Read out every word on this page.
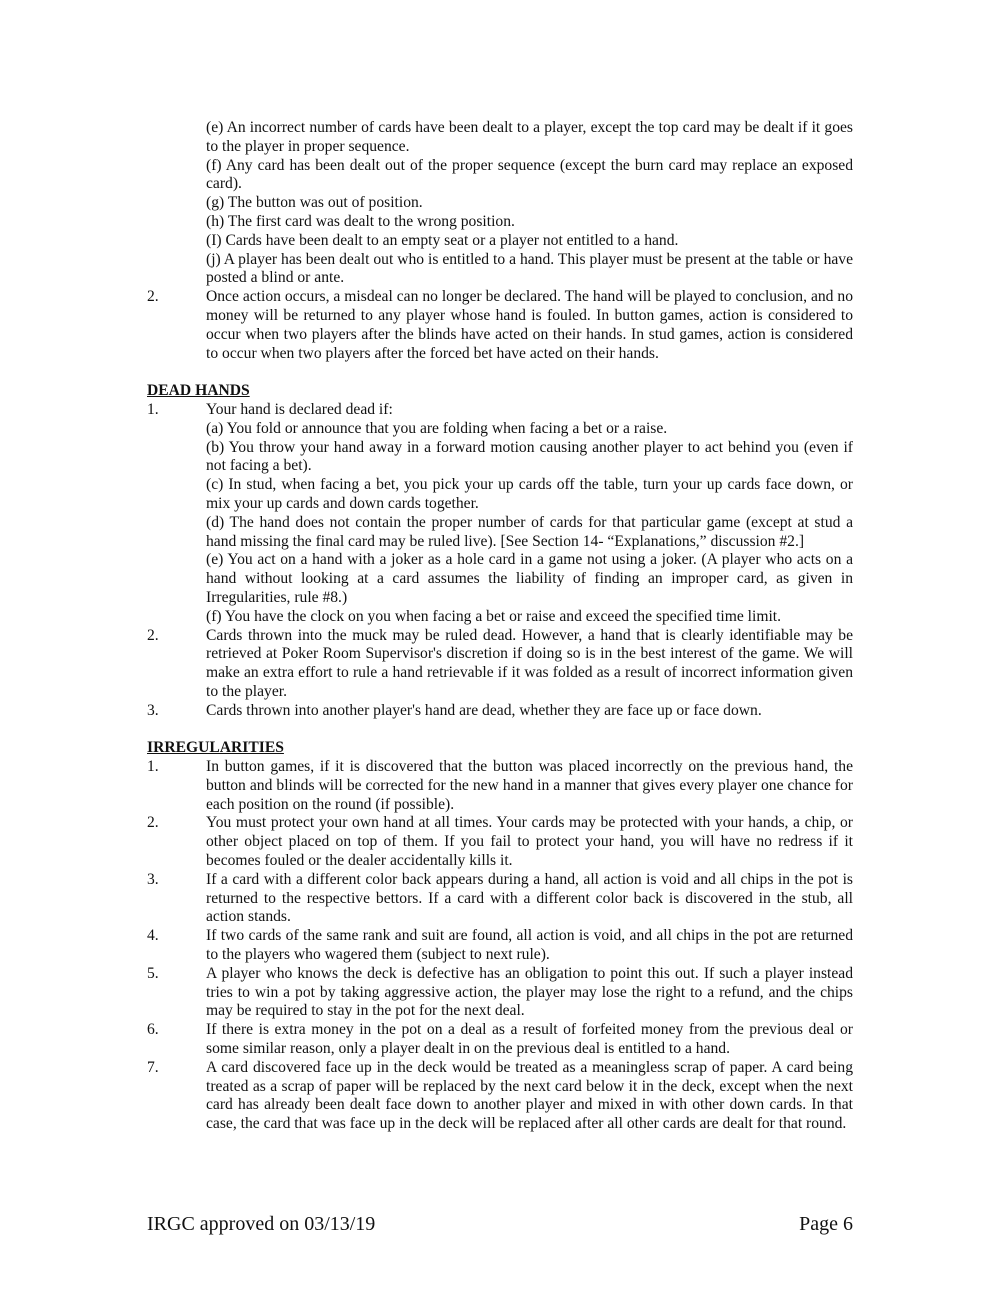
(e) An incorrect number of cards have been dealt to a player, except the top card may be dealt if it goes to the player in proper sequence.

(f) Any card has been dealt out of the proper sequence (except the burn card may replace an exposed card).

(g) The button was out of position.

(h) The first card was dealt to the wrong position.

(I) Cards have been dealt to an empty seat or a player not entitled to a hand.

(j) A player has been dealt out who is entitled to a hand. This player must be present at the table or have posted a blind or ante.

2.	Once action occurs, a misdeal can no longer be declared. The hand will be played to conclusion, and no money will be returned to any player whose hand is fouled. In button games, action is considered to occur when two players after the blinds have acted on their hands. In stud games, action is considered to occur when two players after the forced bet have acted on their hands.

DEAD HANDS
1.	Your hand is declared dead if:

(a) You fold or announce that you are folding when facing a bet or a raise.

(b) You throw your hand away in a forward motion causing another player to act behind you (even if not facing a bet).

(c) In stud, when facing a bet, you pick your up cards off the table, turn your up cards face down, or mix your up cards and down cards together.

(d) The hand does not contain the proper number of cards for that particular game (except at stud a hand missing the final card may be ruled live). [See Section 14- “Explanations,” discussion #2.]

(e) You act on a hand with a joker as a hole card in a game not using a joker. (A player who acts on a hand without looking at a card assumes the liability of finding an improper card, as given in Irregularities, rule #8.)

(f) You have the clock on you when facing a bet or raise and exceed the specified time limit.

2.	Cards thrown into the muck may be ruled dead. However, a hand that is clearly identifiable may be retrieved at Poker Room Supervisor's discretion if doing so is in the best interest of the game. We will make an extra effort to rule a hand retrievable if it was folded as a result of incorrect information given to the player.

3.	Cards thrown into another player's hand are dead, whether they are face up or face down.

IRREGULARITIES
1.	In button games, if it is discovered that the button was placed incorrectly on the previous hand, the button and blinds will be corrected for the new hand in a manner that gives every player one chance for each position on the round (if possible).

2.	You must protect your own hand at all times. Your cards may be protected with your hands, a chip, or other object placed on top of them. If you fail to protect your hand, you will have no redress if it becomes fouled or the dealer accidentally kills it.

3.	If a card with a different color back appears during a hand, all action is void and all chips in the pot is returned to the respective bettors. If a card with a different color back is discovered in the stub, all action stands.

4.	If two cards of the same rank and suit are found, all action is void, and all chips in the pot are returned to the players who wagered them (subject to next rule).

5.	A player who knows the deck is defective has an obligation to point this out. If such a player instead tries to win a pot by taking aggressive action, the player may lose the right to a refund, and the chips may be required to stay in the pot for the next deal.

6.	If there is extra money in the pot on a deal as a result of forfeited money from the previous deal or some similar reason, only a player dealt in on the previous deal is entitled to a hand.

7.	A card discovered face up in the deck would be treated as a meaningless scrap of paper. A card being treated as a scrap of paper will be replaced by the next card below it in the deck, except when the next card has already been dealt face down to another player and mixed in with other down cards. In that case, the card that was face up in the deck will be replaced after all other cards are dealt for that round.

IRGC approved on 03/13/19	Page 6
